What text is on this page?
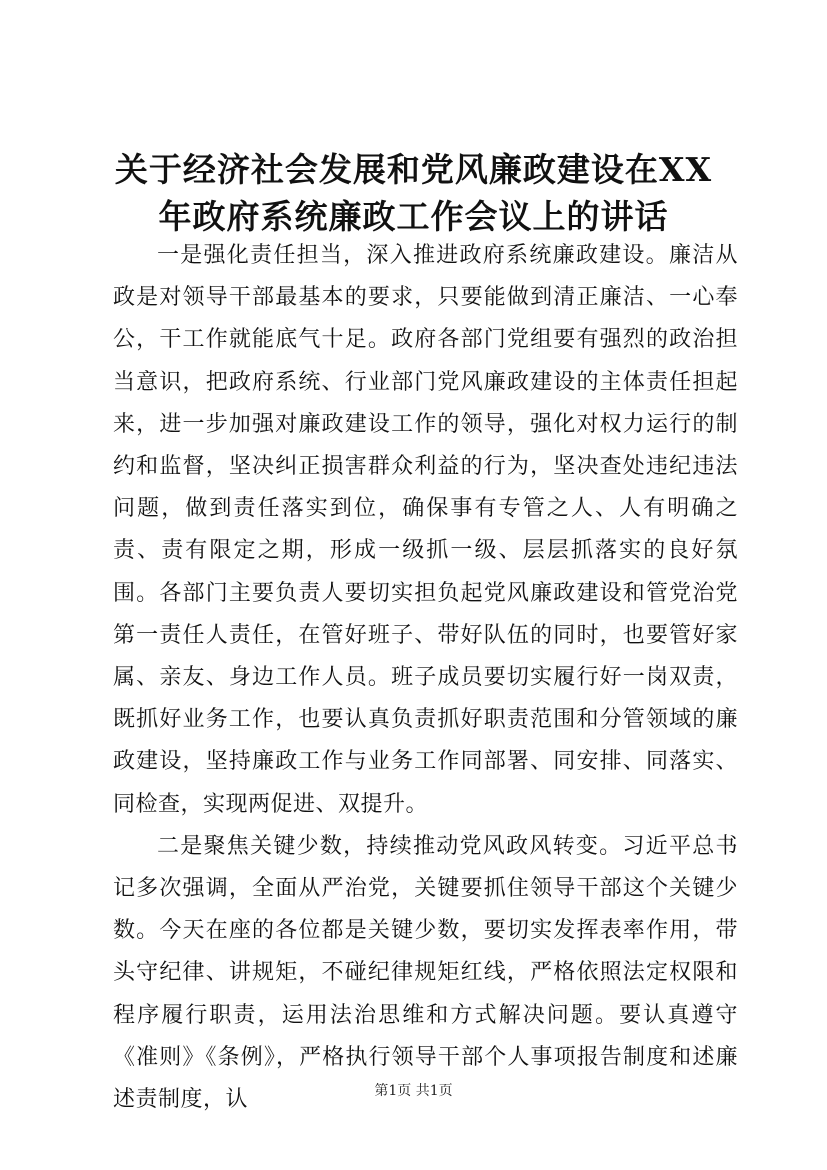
关于经济社会发展和党风廉政建设在XX年政府系统廉政工作会议上的讲话

一是强化责任担当，深入推进政府系统廉政建设。廉洁从政是对领导干部最基本的要求，只要能做到清正廉洁、一心奉公，干工作就能底气十足。政府各部门党组要有强烈的政治担当意识，把政府系统、行业部门党风廉政建设的主体责任担起来，进一步加强对廉政建设工作的领导，强化对权力运行的制约和监督，坚决纠正损害群众利益的行为，坚决查处违纪违法问题，做到责任落实到位，确保事有专管之人、人有明确之责、责有限定之期，形成一级抓一级、层层抓落实的良好氛围。各部门主要负责人要切实担负起党风廉政建设和管党治党第一责任人责任，在管好班子、带好队伍的同时，也要管好家属、亲友、身边工作人员。班子成员要切实履行好一岗双责，既抓好业务工作，也要认真负责抓好职责范围和分管领域的廉政建设，坚持廉政工作与业务工作同部署、同安排、同落实、同检查，实现两促进、双提升。

二是聚焦关键少数，持续推动党风政风转变。习近平总书记多次强调，全面从严治党，关键要抓住领导干部这个关键少数。今天在座的各位都是关键少数，要切实发挥表率作用，带头守纪律、讲规矩，不碰纪律规矩红线，严格依照法定权限和程序履行职责，运用法治思维和方式解决问题。要认真遵守《准则》《条例》，严格执行领导干部个人事项报告制度和述廉述责制度，认	第1页 共1页
